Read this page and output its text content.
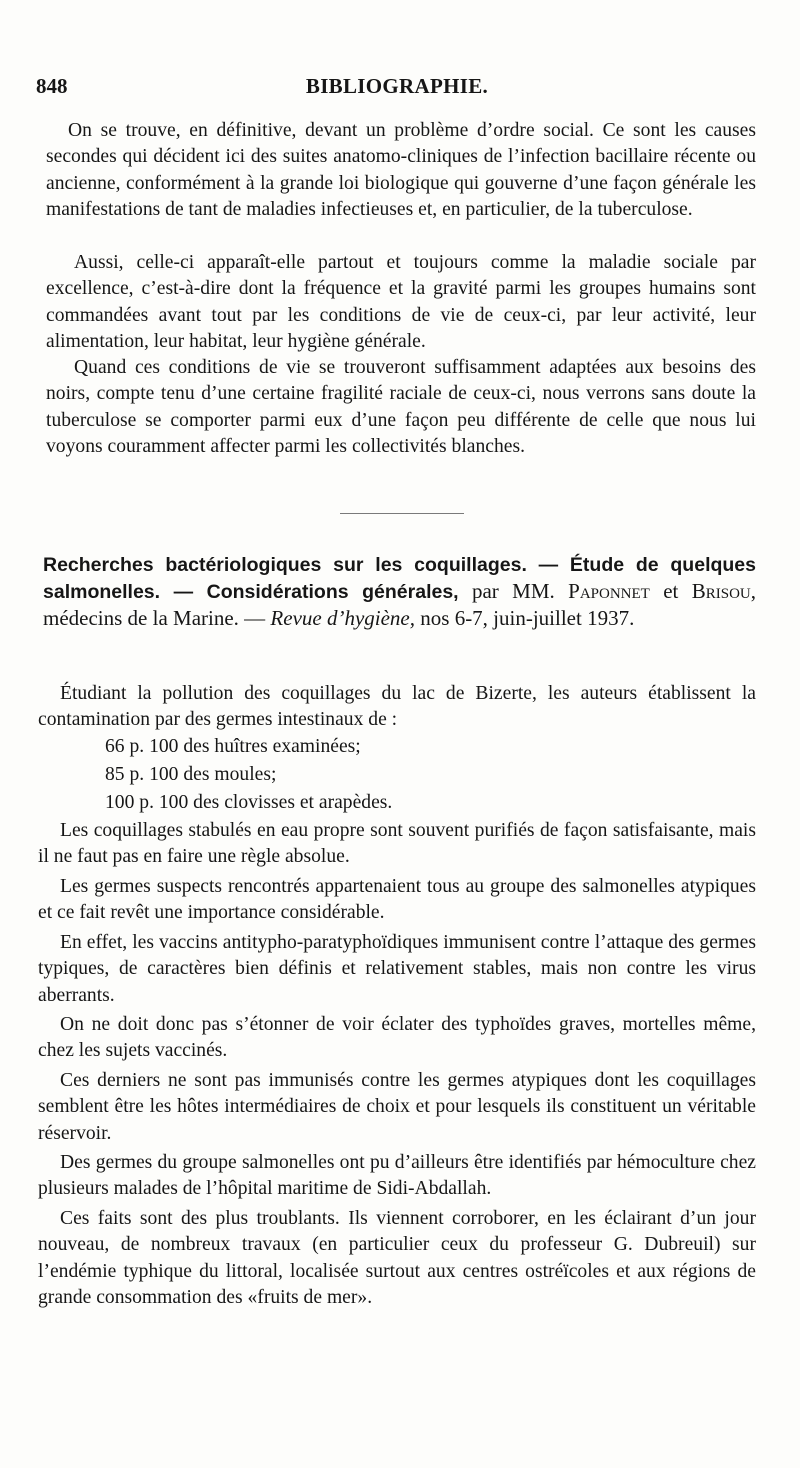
848	BIBLIOGRAPHIE.

On se trouve, en définitive, devant un problème d’ordre social. Ce sont les causes secondes qui décident ici des suites anatomo-cliniques de l’infection bacillaire récente ou ancienne, conformément à la grande loi biologique qui gouverne d’une façon générale les manifestations de tant de maladies infectieuses et, en particulier, de la tuberculose.

Aussi, celle-ci apparaît-elle partout et toujours comme la maladie sociale par excellence, c’est-à-dire dont la fréquence et la gravité parmi les groupes humains sont commandées avant tout par les conditions de vie de ceux-ci, par leur activité, leur alimentation, leur habitat, leur hygiène générale.

Quand ces conditions de vie se trouveront suffisamment adaptées aux besoins des noirs, compte tenu d’une certaine fragilité raciale de ceux-ci, nous verrons sans doute la tuberculose se comporter parmi eux d’une façon peu différente de celle que nous lui voyons couramment affecter parmi les collectivités blanches.

Recherches bactériologiques sur les coquillages. — Étude de quelques salmonelles. — Considérations générales, par MM. Paponnet et Brisou, médecins de la Marine. — Revue d’hygiène, nos 6-7, juin-juillet 1937.

Étudiant la pollution des coquillages du lac de Bizerte, les auteurs établissent la contamination par des germes intestinaux de :

66 p. 100 des huîtres examinées;

85 p. 100 des moules;

100 p. 100 des clovisses et arapèdes.

Les coquillages stabulés en eau propre sont souvent purifiés de façon satisfaisante, mais il ne faut pas en faire une règle absolue.

Les germes suspects rencontrés appartenaient tous au groupe des salmonelles atypiques et ce fait revêt une importance considérable.

En effet, les vaccins antitypho-paratyphoïdiques immunisent contre l’attaque des germes typiques, de caractères bien définis et relativement stables, mais non contre les virus aberrants.

On ne doit donc pas s’étonner de voir éclater des typhoïdes graves, mortelles même, chez les sujets vaccinés.

Ces derniers ne sont pas immunisés contre les germes atypiques dont les coquillages semblent être les hôtes intermédiaires de choix et pour lesquels ils constituent un véritable réservoir.

Des germes du groupe salmonelles ont pu d’ailleurs être identifiés par hémoculture chez plusieurs malades de l’hôpital maritime de Sidi-Abdallah.

Ces faits sont des plus troublants. Ils viennent corroborer, en les éclairant d’un jour nouveau, de nombreux travaux (en particulier ceux du professeur G. Dubreuil) sur l’endémie typhique du littoral, localisée surtout aux centres ostréïcoles et aux régions de grande consommation des «fruits de mer».
